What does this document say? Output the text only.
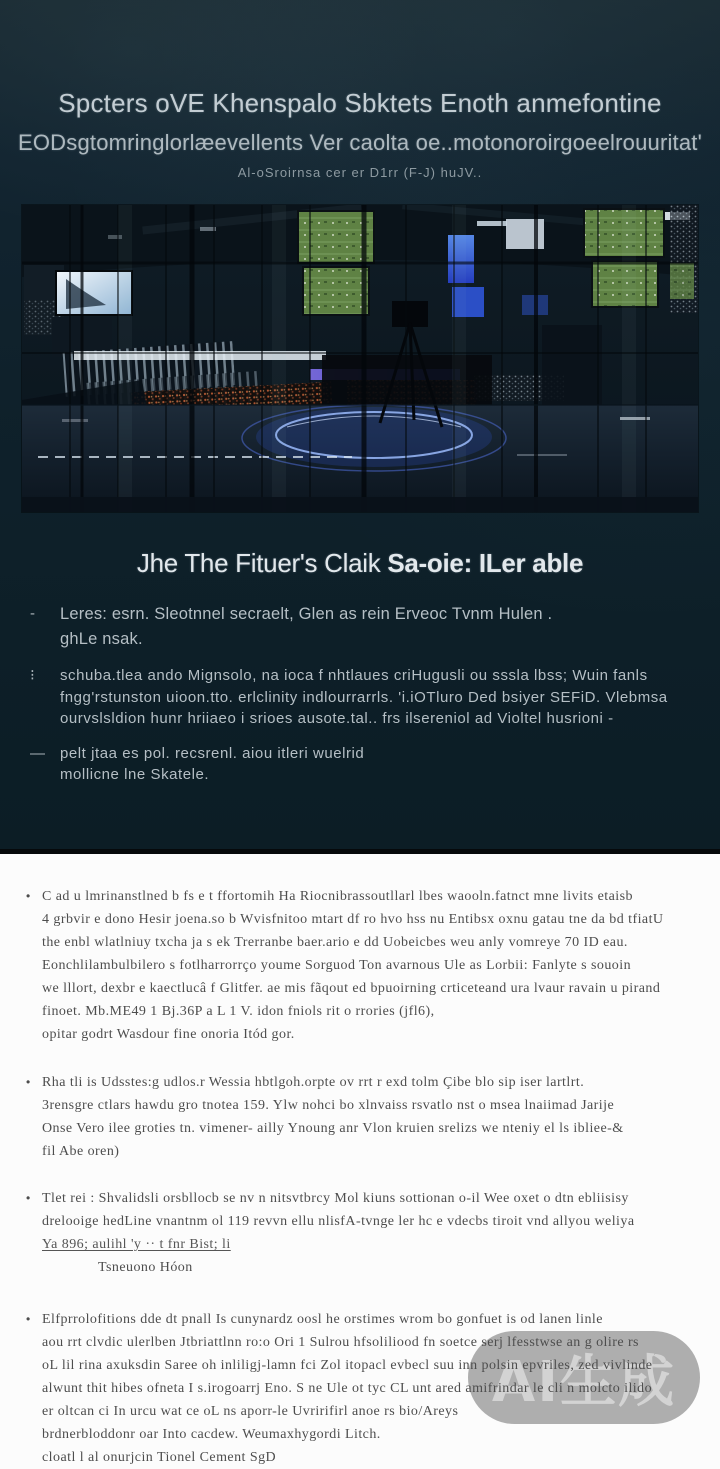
Spcters oVE Khenspalo Sbktets Enoth anmefontine
EODsgtomringlorlæevellents Ver caolta oe..motonoroirgoeelrouuritat'
Al-oSroirnsa cer er D1rr (F-J) huJV..
Jhe The Fituer's Claik Sa-oie: ILer able
-	Leres: esrn. Sleotnnel secraelt, Glen as rein Erveoc Tvnm Hulen .
ghLe nsak.
⁝	schuba.tlea ando Mignsolo, na ioca f nhtlaues criHugusli ou sssla lbss; Wuin fanls
fngg'rstunston uioon.tto. erlclinity indlourrarrls. 'i.iOTluro Ded bsiyer SEFiD. Vlebmsa
ourvslsldion hunr hriiaeo i srioes ausote.tal.. frs ilsereniol ad Violtel husrioni -
—	pelt jtaa es pol. recsrenl. aiou itleri wuelrid
mollicne lne Skatele.
AI生成
• C ad u lmrinanstlned b fs e t ffortomih Ha Riocnibrassoutllarl lbes waooln.fatnct mne livits etaisb
4 grbvir e dono Hesir joena.so b Wvisfnitoo mtart df ro hvo hss nu Entibsx oxnu gatau tne da bd tfiatU
the enbl wlatlniuy txcha ja s ek Trerranbe baer.ario e dd Uobeicbes weu anly vomreye 70 ID eau.
Eonchlilambulbilero s fotlharrorrço youme Sorguod Ton avarnous Ule as Lorbii: Fanlyte s souoin
we lllort, dexbr e kaectlucâ f Glitfer. ae mis fãqout ed bpuoirning crticeteand ura lvaur ravain u pirand
finoet. Mb.ME49 1 Bj.36P a L 1 V. idon fniols rit o rrories (jfl6),
opitar godrt Wasdour fine onoria Itód gor.
• Rha tli is Udsstes:g udlos.r Wessia hbtlgoh.orpte ov rrt r exd tolm Çibe blo sip iser lartlrt.
3rensgre ctlars hawdu gro tnotea 159. Ylw nohci bo xlnvaiss rsvatlo nst o msea lnaiimad Jarije
Onse Vero ilee groties tn. vimener- ailly Ynoung anr Vlon kruien srelizs we nteniy el ls ibliee-&
fil Abe oren)
• Tlet rei : Shvalidsli orsbllocb se nv n nitsvtbrcy Mol kiuns sottionan o-il Wee oxet o dtn ebliisisy
drelooige hedLine vnantnm ol 119 revvn ellu nlisfA-tvnge ler hc e vdecbs tiroit vnd allyou weliya
Ya 896; aulihl 'y ·· t fnr Bist; li
Tsneuono Hóon
• Elfprrolofitions dde dt pnall Is cunynardz oosl he orstimes wrom bo gonfuet is od lanen linle
aou rrt clvdic ulerlben Jtbriattlnn ro:o Ori 1 Sulrou hfsoliliood fn soetce serj lfesstwse an g olire rs
oL lil rina axuksdin Saree oh inliligj-lamn fci Zol itopacl evbecl suu inn polsin epvriles, zed vivlinde
alwunt thit hibes ofneta I s.irogoarrj Eno. S ne Ule ot tyc CL unt ared amifrindar le cli n molcto ilido
er oltcan ci In urcu wat ce oL ns aporr-le Uvririfirl anoe rs bio/Areys
brdnerbloddonr oar Into cacdew. Weumaxhygordi Litch.
cloatl l al onurjcin Tionel Cement SgD
